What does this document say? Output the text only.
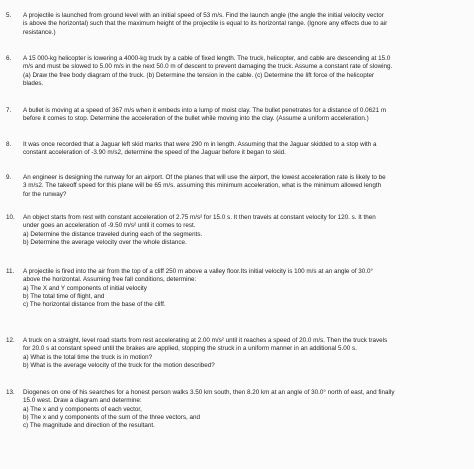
5.	A projectile is launched from ground level with an initial speed of 53 m/s. Find the launch angle (the angle the initial velocity vector
is above the horizontal) such that the maximum height of the projectile is equal to its horizontal range. (Ignore any effects due to air
resistance.)
6.	A 15 000-kg helicopter is lowering a 4000-kg truck by a cable of fixed length. The truck, helicopter, and cable are descending at 15.0
m/s and must be slowed to 5.00 m/s in the next 50.0 m of descent to prevent damaging the truck. Assume a constant rate of slowing.
(a) Draw the free body diagram of the truck. (b) Determine the tension in the cable. (c) Determine the lift force of the helicopter
blades.
7.	A bullet is moving at a speed of 367 m/s when it embeds into a lump of moist clay. The bullet penetrates for a distance of 0.0621 m
before it comes to stop. Determine the acceleration of the bullet while moving into the clay. (Assume a uniform acceleration.)
8.	It was once recorded that a Jaguar left skid marks that were 290 m in length. Assuming that the Jaguar skidded to a stop with a
constant acceleration of -3.90 m/s2, determine the speed of the Jaguar before it began to skid.
9.	An engineer is designing the runway for an airport. Of the planes that will use the airport, the lowest acceleration rate is likely to be
3 m/s2. The takeoff speed for this plane will be 65 m/s. assuming this minimum acceleration, what is the minimum allowed length
for the runway?
10.	An object starts from rest with constant acceleration of 2.75 m/s² for 15.0 s. It then travels at constant velocity for 120. s. It then
under goes an acceleration of -9.50 m/s² until it comes to rest.
a) Determine the distance traveled during each of the segments.
b) Determine the average velocity over the whole distance.
11.	A projectile is fired into the air from the top of a cliff 250 m above a valley floor.Its initial velocity is 100 m/s at an angle of 30.0°
above the horizontal. Assuming free fall conditions, determine:
a) The X and Y components of initial velocity
b) The total time of flight, and
c) The horizontal distance from the base of the cliff.
12.	A truck on a straight, level road starts from rest accelerating at 2.00 m/s² until it reaches a speed of 20.0 m/s. Then the truck travels
for 20.0 s at constant speed until the brakes are applied, stopping the struck in a uniform manner in an additional 5.00 s.
a) What is the total time the truck is in motion?
b) What is the average velocity of the truck for the motion described?
13.	Diogenes on one of his searches for a honest person walks 3.50 km south, then 8.20 km at an angle of 30.0° north of east, and finally
15.0 west. Draw a diagram and determine:
a) The x and y components of each vector,
b) The x and y components of the sum of the three vectors, and
c) The magnitude and direction of the resultant.
